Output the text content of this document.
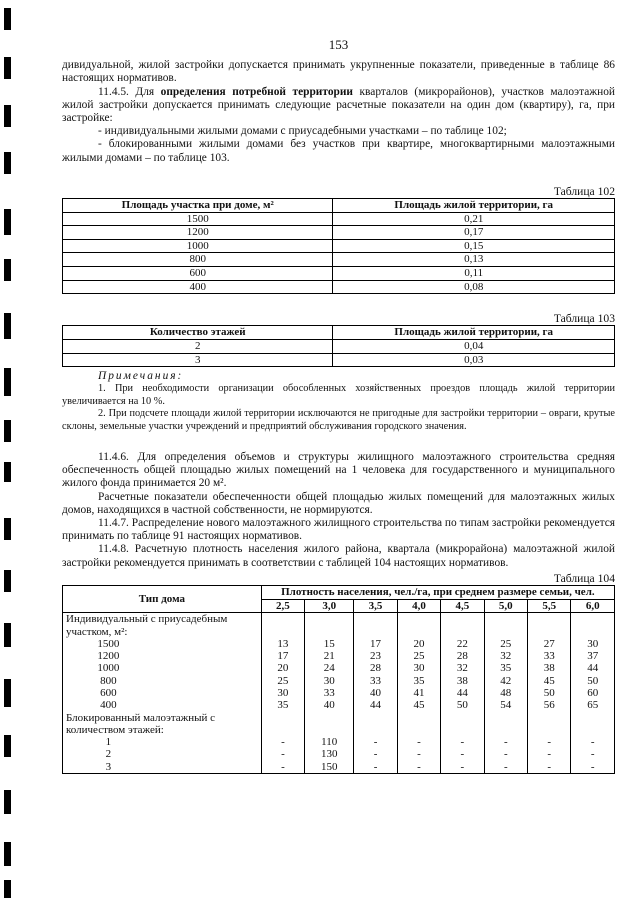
153

дивидуальной, жилой застройки допускается принимать укрупненные показатели, приведенные в таблице 86 настоящих нормативов.

11.4.5. Для определения потребной территории кварталов (микрорайонов), участков малоэтажной жилой застройки допускается принимать следующие расчетные показатели на один дом (квартиру), га, при застройке:

- индивидуальными жилыми домами с приусадебными участками – по таблице 102;

- блокированными жилыми домами без участков при квартире, многоквартирными малоэтажными жилыми домами – по таблице 103.

Таблица 102
Площадь участка при доме, м²	Площадь жилой территории, га
1500	0,21
1200	0,17
1000	0,15
800	0,13
600	0,11
400	0,08
Таблица 103
Количество этажей	Площадь жилой территории, га
2	0,04
3	0,03
Примечания:

1. При необходимости организации обособленных хозяйственных проездов площадь жилой территории увеличивается на 10 %.

2. При подсчете площади жилой территории исключаются не пригодные для застройки территории – овраги, крутые склоны, земельные участки учреждений и предприятий обслуживания городского значения.

11.4.6. Для определения объемов и структуры жилищного малоэтажного строительства средняя обеспеченность общей площадью жилых помещений на 1 человека для государственного и муниципального жилого фонда принимается 20 м².

Расчетные показатели обеспеченности общей площадью жилых помещений для малоэтажных жилых домов, находящихся в частной собственности, не нормируются.

11.4.7. Распределение нового малоэтажного жилищного строительства по типам застройки рекомендуется принимать по таблице 91 настоящих нормативов.

11.4.8. Расчетную плотность населения жилого района, квартала (микрорайона) малоэтажной жилой застройки рекомендуется принимать в соответствии с таблицей 104 настоящих нормативов.

Таблица 104
Тип дома	Плотность населения, чел./га, при среднем размере семьи, чел.							
	2,5	3,0	3,5	4,0	4,5	5,0	5,5	6,0
Индивидуальный с приусадебным участком, м²:								
1500	13	15	17	20	22	25	27	30
1200	17	21	23	25	28	32	33	37
1000	20	24	28	30	32	35	38	44
800	25	30	33	35	38	42	45	50
600	30	33	40	41	44	48	50	60
400	35	40	44	45	50	54	56	65
Блокированный малоэтажный с количеством этажей:								
1	-	110	-	-	-	-	-	-
2	-	130	-	-	-	-	-	-
3	-	150	-	-	-	-	-	-
